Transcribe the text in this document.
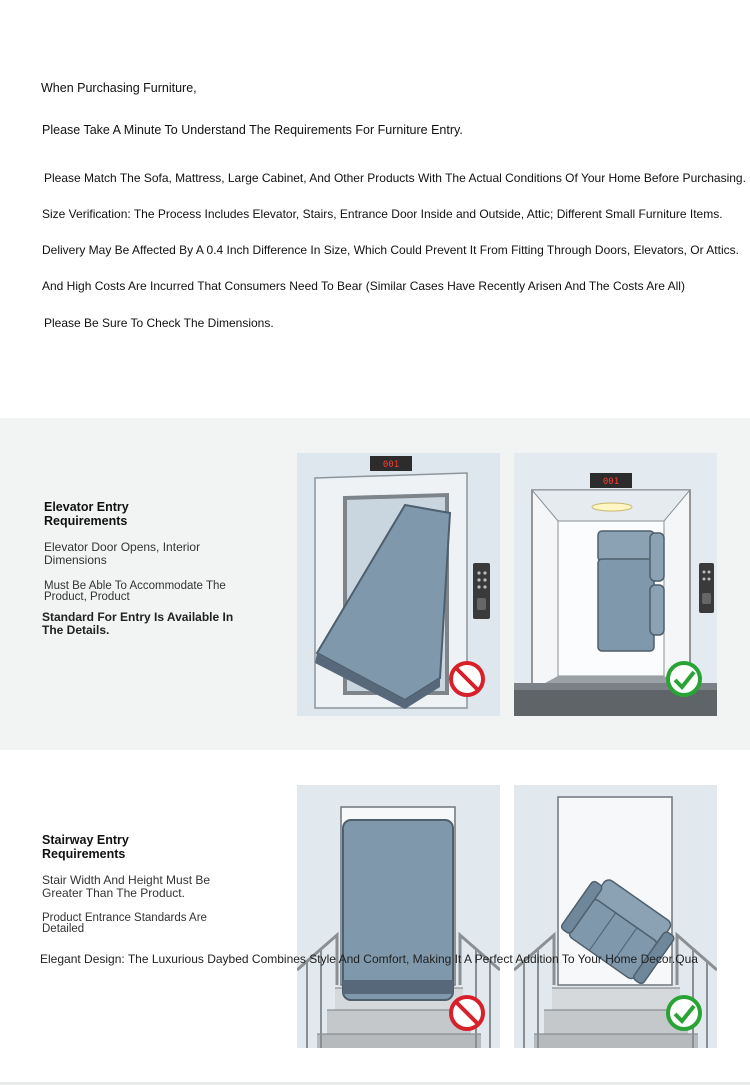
When Purchasing Furniture,

Please Take A Minute To Understand The Requirements For Furniture Entry.

Please Match The Sofa, Mattress, Large Cabinet, And Other Products With The Actual Conditions Of Your Home Before Purchasing.

Size Verification: The Process Includes Elevator, Stairs, Entrance Door Inside and Outside, Attic; Different Small Furniture Items.

Delivery May Be Affected By A 0.4 Inch Difference In Size, Which Could Prevent It From Fitting Through Doors, Elevators, Or Attics.

And High Costs Are Incurred That Consumers Need To Bear (Similar Cases Have Recently Arisen And The Costs Are All)

Please Be Sure To Check The Dimensions.

Elevator Entry
Requirements
Elevator Door Opens, Interior
Dimensions
Must Be Able To Accommodate The
Product, Product
Standard For Entry Is Available In
The Details.
001
001
Stairway Entry
Requirements
Stair Width And Height Must Be
Greater Than The Product.
Product Entrance Standards Are
Detailed
Elegant Design: The Luxurious Daybed Combines Style And Comfort, Making It A Perfect Addition To Your Home Decor.Qua
